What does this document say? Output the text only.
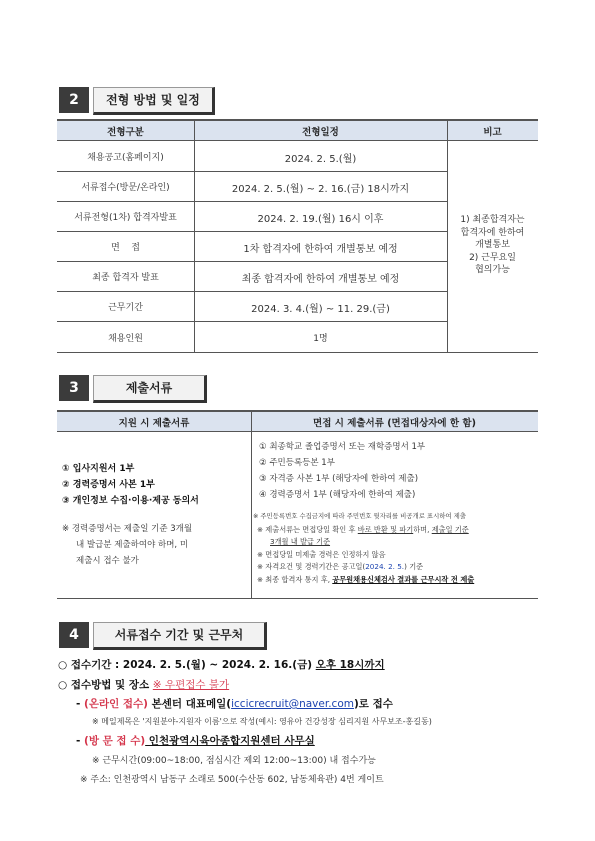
2	전형 방법 및 일정
전형구분	전형일정	비고
채용공고(홈페이지)	2024. 2. 5.(월)
서류접수(방문/온라인)	2024. 2. 5.(월) ~ 2. 16.(금) 18시까지
서류전형(1차) 합격자발표	2024. 2. 19.(월) 16시 이후
면    접	1차 합격자에 한하여 개별통보 예정
최종 합격자 발표	최종 합격자에 한하여 개별통보 예정
근무기간	2024. 3. 4.(월) ~ 11. 29.(금)
채용인원	1명
1) 최종합격자는
합격자에 한하여
개별통보
2) 근무요일
협의가능
3	제출서류
지원 시 제출서류	면접 시 제출서류 (면접대상자에 한 함)
① 입사지원서 1부
② 경력증명서 사본 1부
③ 개인정보 수집·이용·제공 동의서
※ 경력증명서는 제출일 기준 3개월
내 발급분 제출하여야 하며, 미
제출시 접수 불가
① 최종학교 졸업증명서 또는 재학증명서 1부
② 주민등록등본 1부
③ 자격증 사본 1부 (해당자에 한하여 제출)
④ 경력증명서 1부 (해당자에 한하여 제출)
※ 주민등록번호 수집금지에 따라 주민번호 뒷자리를 비공개로 표시하여 제출
※ 제출서류는 면접당일 확인 후 바로 반환 및 파기하며, 제출일 기준
3개월 내 발급 기준
※ 면접당일 미제출 경력은 인정하지 않음
※ 자격요건 및 경력기간은 공고일(2024. 2. 5.) 기준
※ 최종 합격자 통지 후, 공무원채용신체검사 결과를 근무시작 전 제출
4	서류접수 기간 및 근무처
○ 접수기간 : 2024. 2. 5.(월) ~ 2024. 2. 16.(금) 오후 18시까지
○ 접수방법 및 장소 ※ 우편접수 불가
- (온라인 접수) 본센터 대표메일(iccicrecruit@naver.com)로 접수
※ 메일제목은 '지원분야-지원자 이름'으로 작성(예시: 영유아 건강성장 심리지원 사무보조-홍길동)
- (방 문 접 수) 인천광역시육아종합지원센터 사무실
※ 근무시간(09:00~18:00, 점심시간 제외 12:00~13:00) 내 접수가능
※ 주소: 인천광역시 남동구 소래로 500(수산동 602, 남동체육관) 4번 게이트
